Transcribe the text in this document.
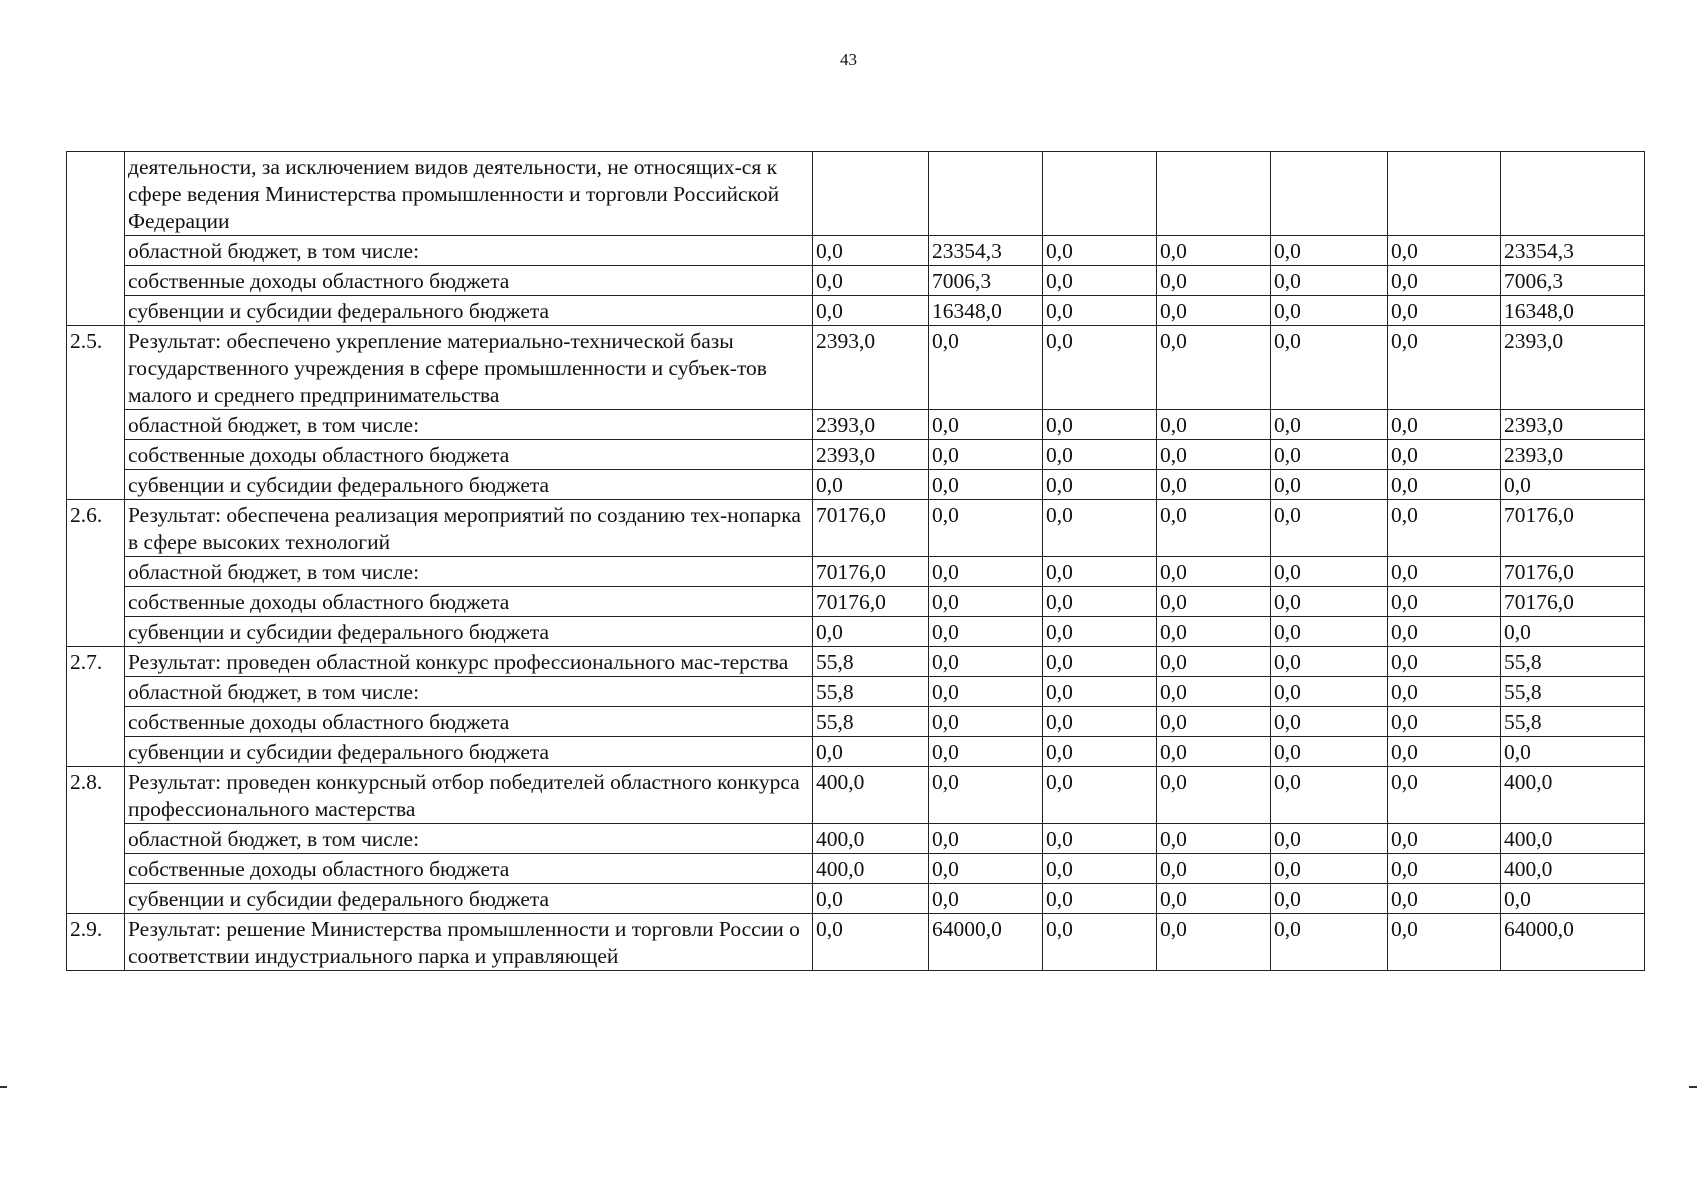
43
	деятельности, за исключением видов деятельности, не относящих-ся к сфере ведения Министерства промышленности и торговли Российской Федерации							
	областной бюджет, в том числе:	0,0	23354,3	0,0	0,0	0,0	0,0	23354,3
	собственные доходы областного бюджета	0,0	7006,3	0,0	0,0	0,0	0,0	7006,3
	субвенции и субсидии федерального бюджета	0,0	16348,0	0,0	0,0	0,0	0,0	16348,0
2.5.	Результат: обеспечено укрепление материально-технической базы государственного учреждения в сфере промышленности и субъек-тов малого и среднего предпринимательства	2393,0	0,0	0,0	0,0	0,0	0,0	2393,0
	областной бюджет, в том числе:	2393,0	0,0	0,0	0,0	0,0	0,0	2393,0
	собственные доходы областного бюджета	2393,0	0,0	0,0	0,0	0,0	0,0	2393,0
	субвенции и субсидии федерального бюджета	0,0	0,0	0,0	0,0	0,0	0,0	0,0
2.6.	Результат: обеспечена реализация мероприятий по созданию тех-нопарка в сфере высоких технологий	70176,0	0,0	0,0	0,0	0,0	0,0	70176,0
	областной бюджет, в том числе:	70176,0	0,0	0,0	0,0	0,0	0,0	70176,0
	собственные доходы областного бюджета	70176,0	0,0	0,0	0,0	0,0	0,0	70176,0
	субвенции и субсидии федерального бюджета	0,0	0,0	0,0	0,0	0,0	0,0	0,0
2.7.	Результат: проведен областной конкурс профессионального мас-терства	55,8	0,0	0,0	0,0	0,0	0,0	55,8
	областной бюджет, в том числе:	55,8	0,0	0,0	0,0	0,0	0,0	55,8
	собственные доходы областного бюджета	55,8	0,0	0,0	0,0	0,0	0,0	55,8
	субвенции и субсидии федерального бюджета	0,0	0,0	0,0	0,0	0,0	0,0	0,0
2.8.	Результат: проведен конкурсный отбор победителей областного конкурса профессионального мастерства	400,0	0,0	0,0	0,0	0,0	0,0	400,0
	областной бюджет, в том числе:	400,0	0,0	0,0	0,0	0,0	0,0	400,0
	собственные доходы областного бюджета	400,0	0,0	0,0	0,0	0,0	0,0	400,0
	субвенции и субсидии федерального бюджета	0,0	0,0	0,0	0,0	0,0	0,0	0,0
2.9.	Результат: решение Министерства промышленности и торговли России о соответствии индустриального парка и управляющей	0,0	64000,0	0,0	0,0	0,0	0,0	64000,0
